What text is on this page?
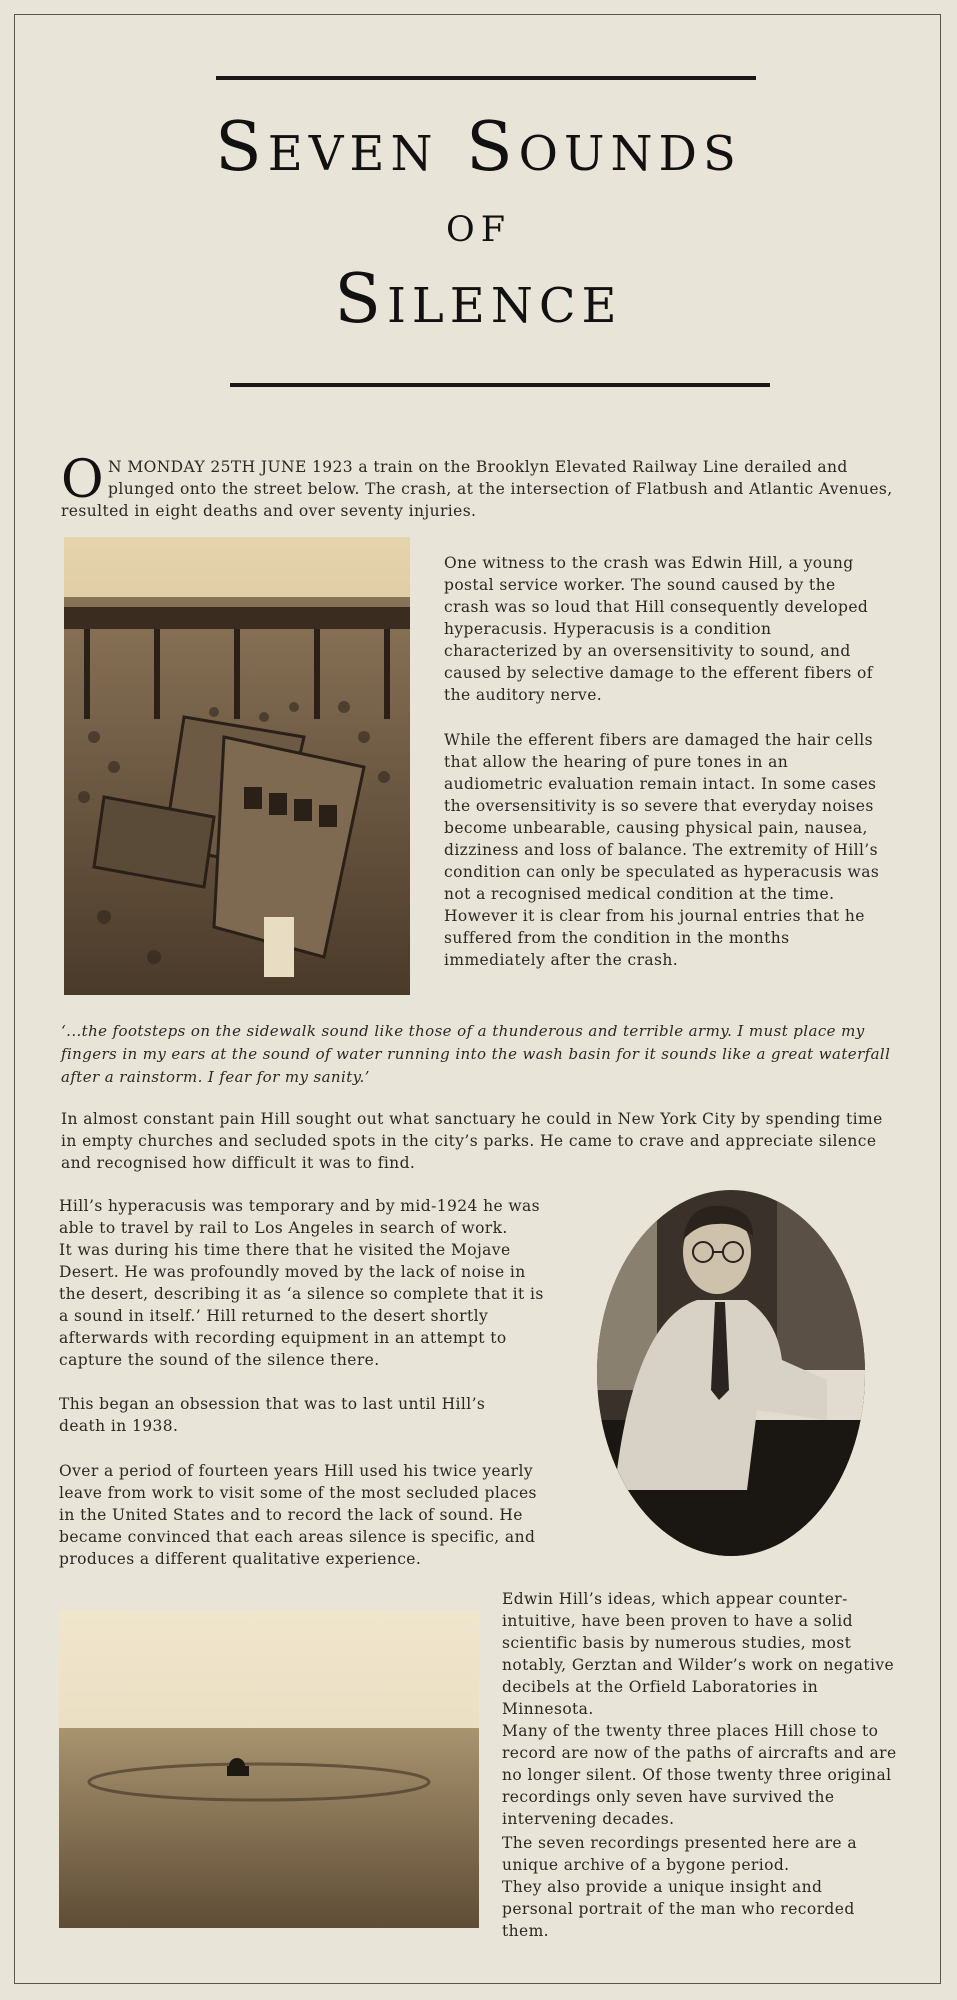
Seven Sounds
of
Silence
O N MONDAY 25TH JUNE 1923 a train on the Brooklyn Elevated Railway Line derailed and plunged onto the street below. The crash, at the intersection of Flatbush and Atlantic Avenues, resulted in eight deaths and over seventy injuries.
One witness to the crash was Edwin Hill, a young postal service worker. The sound caused by the crash was so loud that Hill consequently developed hyperacusis. Hyperacusis is a condition characterized by an oversensitivity to sound, and caused by selective damage to the efferent fibers of the auditory nerve.
While the efferent fibers are damaged the hair cells that allow the hearing of pure tones in an audiometric evaluation remain intact. In some cases the oversensitivity is so severe that everyday noises become unbearable, causing physical pain, nausea, dizziness and loss of balance. The extremity of Hill’s condition can only be speculated as hyperacusis was not a recognised medical condition at the time. However it is clear from his journal entries that he suffered from the condition in the months immediately after the crash.
‘...the footsteps on the sidewalk sound like those of a thunderous and terrible army. I must place my fingers in my ears at the sound of water running into the wash basin for it sounds like a great waterfall after a rainstorm. I fear for my sanity.’
In almost constant pain Hill sought out what sanctuary he could in New York City by spending time in empty churches and secluded spots in the city’s parks. He came to crave and appreciate silence and recognised how difficult it was to find.
Hill’s hyperacusis was temporary and by mid-1924 he was able to travel by rail to Los Angeles in search of work.
It was during his time there that he visited the Mojave Desert. He was profoundly moved by the lack of noise in the desert, describing it as ‘a silence so complete that it is a sound in itself.’ Hill returned to the desert shortly afterwards with recording equipment in an attempt to capture the sound of the silence there.
This began an obsession that was to last until Hill’s death in 1938.
Over a period of fourteen years Hill used his twice yearly leave from work to visit some of the most secluded places in the United States and to record the lack of sound. He became convinced that each areas silence is specific, and produces a different qualitative experience.
Edwin Hill’s ideas, which appear counter-intuitive, have been proven to have a solid scientific basis by numerous studies, most notably, Gerztan and Wilder’s work on negative decibels at the Orfield Laboratories in Minnesota.
Many of the twenty three places Hill chose to record are now of the paths of aircrafts and are no longer silent. Of those twenty three original recordings only seven have survived the intervening decades.
The seven recordings presented here are a unique archive of a bygone period.
They also provide a unique insight and personal portrait of the man who recorded them.
